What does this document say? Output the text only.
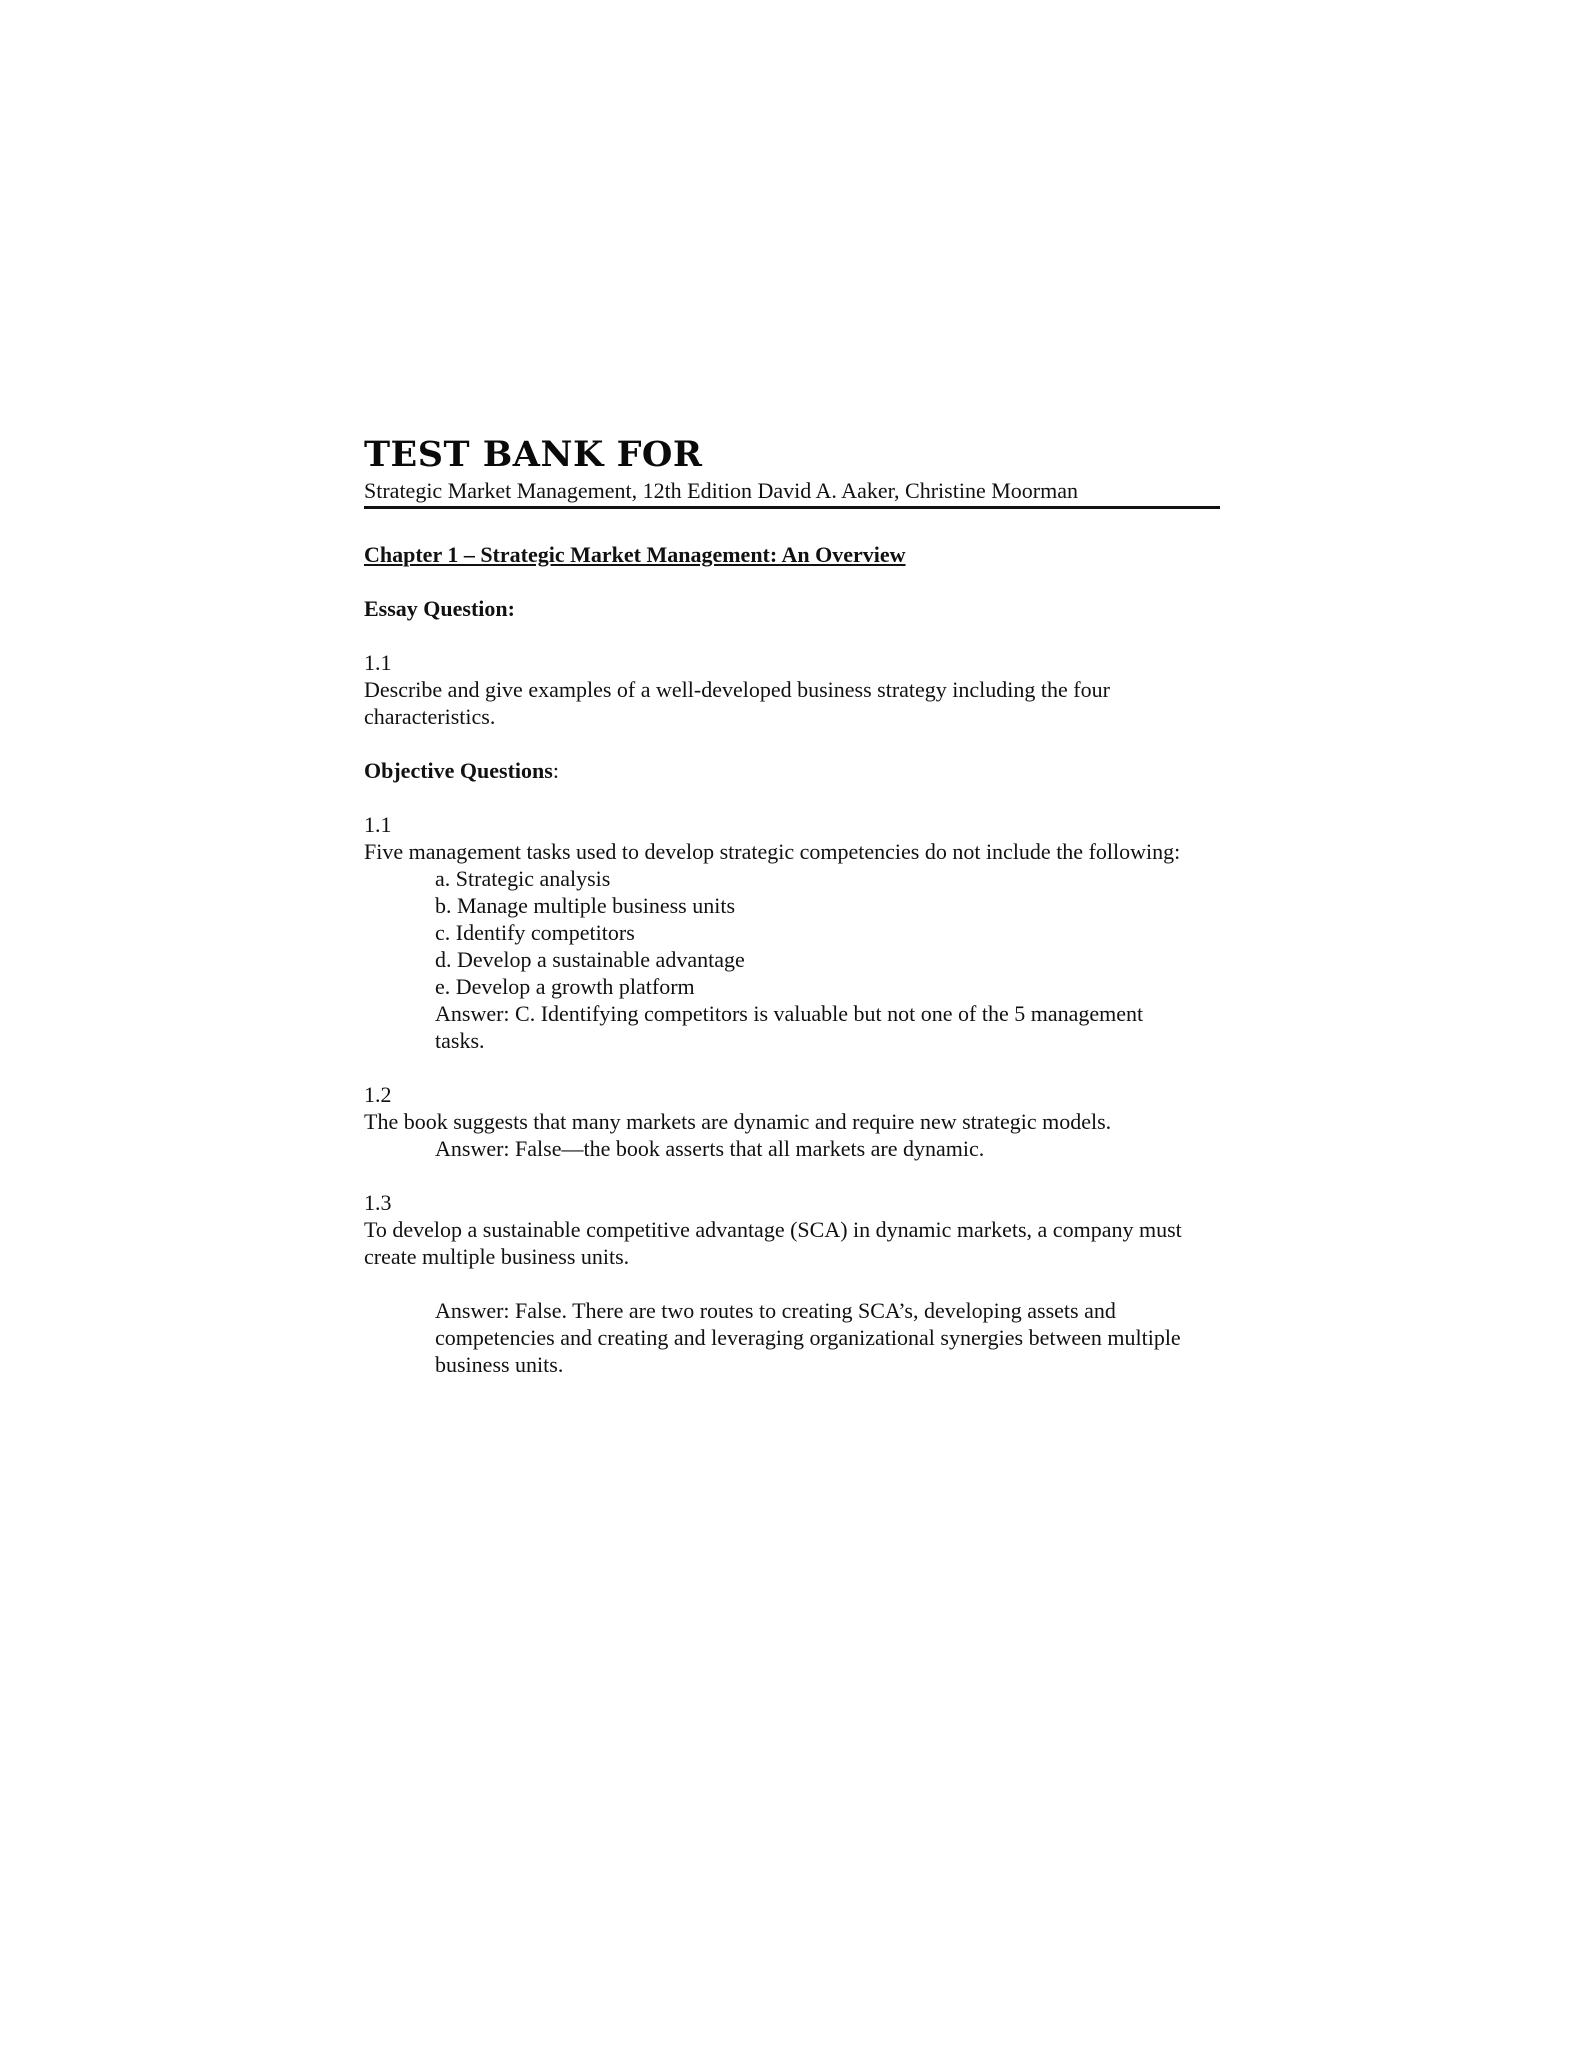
TEST BANK FOR
Strategic Market Management, 12th Edition David A. Aaker, Christine Moorman
Chapter 1 – Strategic Market Management: An Overview
Essay Question:
1.1
Describe and give examples of a well-developed business strategy including the four characteristics.
Objective Questions:
1.1
Five management tasks used to develop strategic competencies do not include the following:
a. Strategic analysis
b. Manage multiple business units
c. Identify competitors
d. Develop a sustainable advantage
e. Develop a growth platform
Answer: C. Identifying competitors is valuable but not one of the 5 management tasks.
1.2
The book suggests that many markets are dynamic and require new strategic models.
Answer: False—the book asserts that all markets are dynamic.
1.3
To develop a sustainable competitive advantage (SCA) in dynamic markets, a company must create multiple business units.
Answer: False. There are two routes to creating SCA’s, developing assets and competencies and creating and leveraging organizational synergies between multiple business units.
